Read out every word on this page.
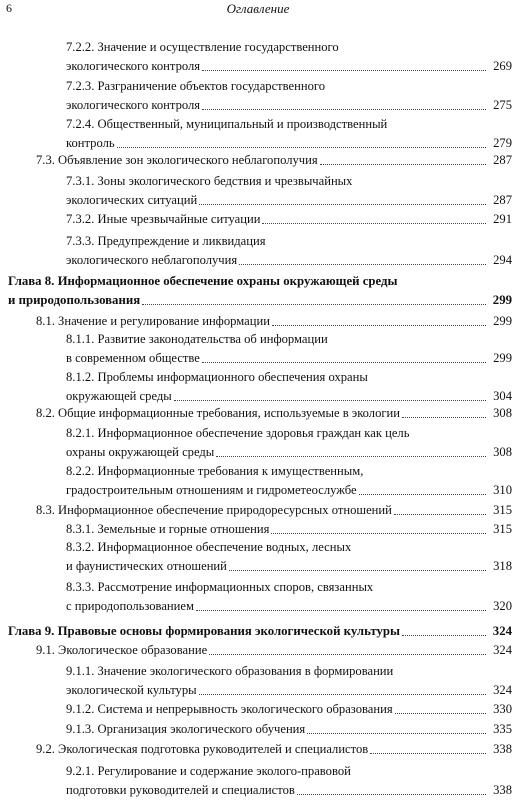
6	Оглавление
7.2.2. Значение и осуществление государственного
экологического контроля	269
7.2.3. Разграничение объектов государственного
экологического контроля	275
7.2.4. Общественный, муниципальный и производственный
контроль	279
7.3. Объявление зон экологического неблагополучия	287
7.3.1. Зоны экологического бедствия и чрезвычайных
экологических ситуаций	287
7.3.2. Иные чрезвычайные ситуации	291
7.3.3. Предупреждение и ликвидация
экологического неблагополучия	294
Глава 8. Информационное обеспечение охраны окружающей среды
и природопользования	299
8.1. Значение и регулирование информации	299
8.1.1. Развитие законодательства об информации
в современном обществе	299
8.1.2. Проблемы информационного обеспечения охраны
окружающей среды	304
8.2. Общие информационные требования, используемые в экологии	308
8.2.1. Информационное обеспечение здоровья граждан как цель
охраны окружающей среды	308
8.2.2. Информационные требования к имущественным,
градостроительным отношениям и гидрометеослужбе	310
8.3. Информационное обеспечение природоресурсных отношений	315
8.3.1. Земельные и горные отношения	315
8.3.2. Информационное обеспечение водных, лесных
и фаунистических отношений	318
8.3.3. Рассмотрение информационных споров, связанных
с природопользованием	320
Глава 9. Правовые основы формирования экологической культуры	324
9.1. Экологическое образование	324
9.1.1. Значение экологического образования в формировании
экологической культуры	324
9.1.2. Система и непрерывность экологического образования	330
9.1.3. Организация экологического обучения	335
9.2. Экологическая подготовка руководителей и специалистов	338
9.2.1. Регулирование и содержание эколого-правовой
подготовки руководителей и специалистов	338
